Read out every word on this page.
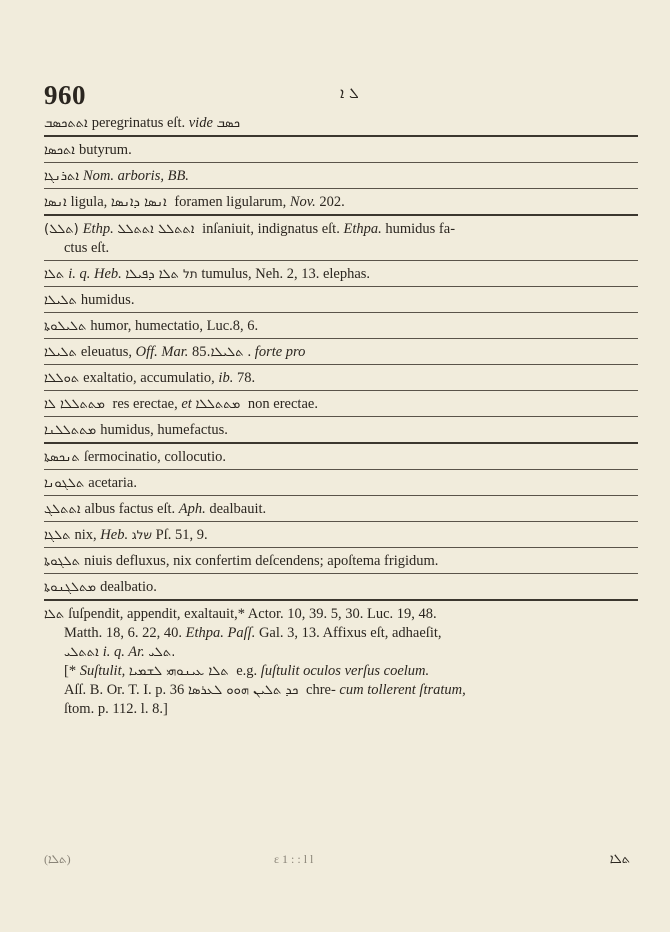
960	ܠ ܐ
ܐܬܬܟܣܒ peregrinatus eſt. vide ܟܣܒ
ܐܬܟܣܐ butyrum.
ܐܬܪܢܓܐ Nom. arboris, BB.
ܐܢܣܐ ligula, ܐܢܣܐ ܕܐܢܣܐ foramen ligularum, Nov. 202.
(ܬܠܠ) Ethp. ܐܬܬܠܠ ܐܬܬܠܠ inſaniuit, indignatus eſt. Ethpa. humidus fa-
ctus eſt.
ܬܠܐ i. q. Heb.	תלܬܠܐ ܕܦܝܠܐ tumulus, Neh. 2, 13. elephas.
ܬܠܝܠܐ humidus.
ܬܠܝܠܘܬܐ humor, humectatio, Luc.8, 6.
ܬܠܝܠܐ eleuatus, Off. Mar. ܬܠܝܠܐ.85. forte pro
ܬܘܠܠܐ exaltatio, accumulatio, ib. 78.
ܡܬܬܠܠܐ ܠܐ res erectae, et ܡܬܬܠܠܐ non erectae.
ܡܬܬܠܠܢܐ humidus, humefactus.
ܬܢܟܣܬܐ ſermocinatio, collocutio.
ܬܠܓܘܢܐ acetaria.
ܐܬܬܠܓ albus factus eſt. Aph. dealbauit.
ܬܠܓܐ nix, Heb. שלג Pſ. 51, 9.
ܬܠܓܘܬܐ niuis defluxus, nix confertim deſcendens; apoſtema frigidum.
ܡܬܠܓܢܘܬܐ dealbatio.
ܬܠܐ ſuſpendit, appendit, exaltauit,* Actor. 10, 39. 5, 30. Luc. 19, 48.
Matth. 18, 6. 22, 40. Ethpa. Paſſ. Gal. 3, 13. Affixus eſt, adhaeſit,
ܐܬܬܠܝ i. q. Ar. ܬܠܝ.
[* Suſtulit, ܬܠܐ ܥܝܢܘܗܝ ܠܫܡܝܐ e.g. ſuſtulit oculos verſus coelum.
Aſſ. B. Or. T. I. p. 36 ܟܕ ܬܠܝܢ ܗܘܘ ܠܥܪܣܐ chre- cum tollerent ſtratum,
ſtom. p. 112. l. 8.]
(ܬܠܐ)	ε 1 : : l l	ܬܠܐ
